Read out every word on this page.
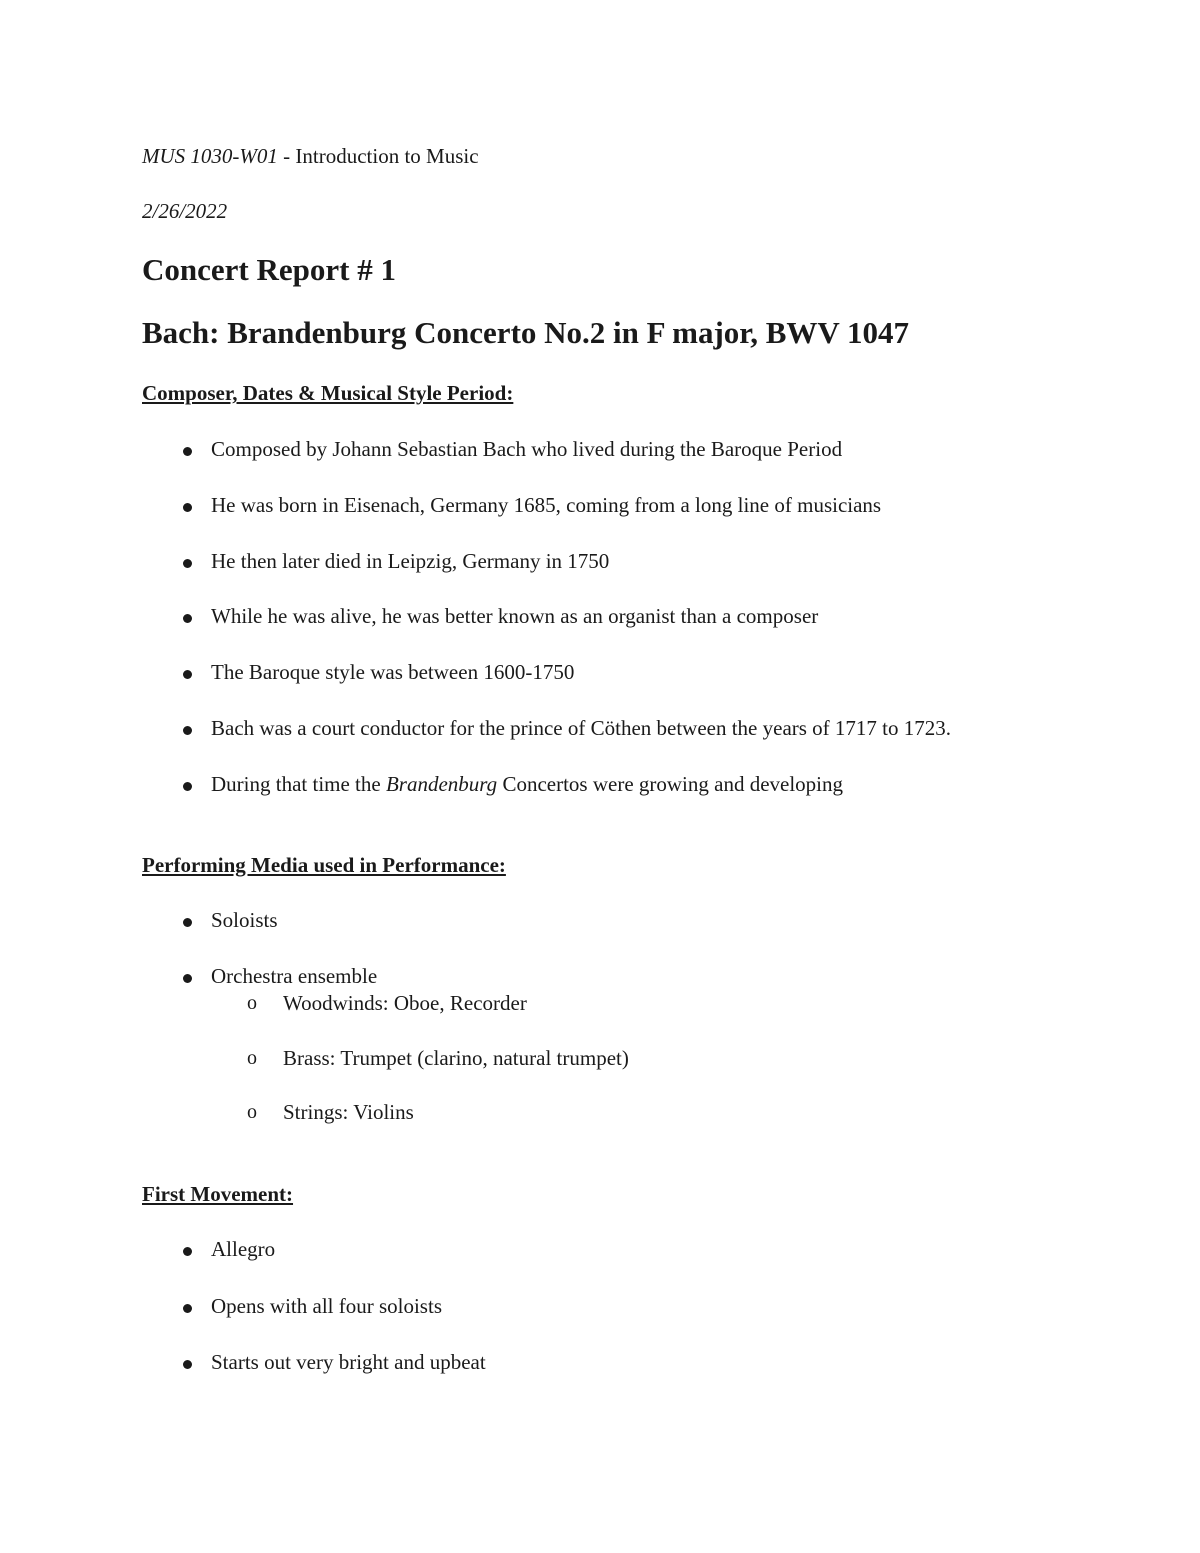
MUS 1030-W01 - Introduction to Music
2/26/2022
Concert Report # 1
Bach: Brandenburg Concerto No.2 in F major, BWV 1047
Composer, Dates & Musical Style Period:
Composed by Johann Sebastian Bach who lived during the Baroque Period
He was born in Eisenach, Germany 1685, coming from a long line of musicians
He then later died in Leipzig, Germany in 1750
While he was alive, he was better known as an organist than a composer
The Baroque style was between 1600-1750
Bach was a court conductor for the prince of Cöthen between the years of 1717 to 1723.
During that time the Brandenburg Concertos were growing and developing
Performing Media used in Performance:
Soloists
Orchestra ensemble
o Woodwinds: Oboe, Recorder
o Brass: Trumpet (clarino, natural trumpet)
o Strings: Violins
First Movement:
Allegro
Opens with all four soloists
Starts out very bright and upbeat
